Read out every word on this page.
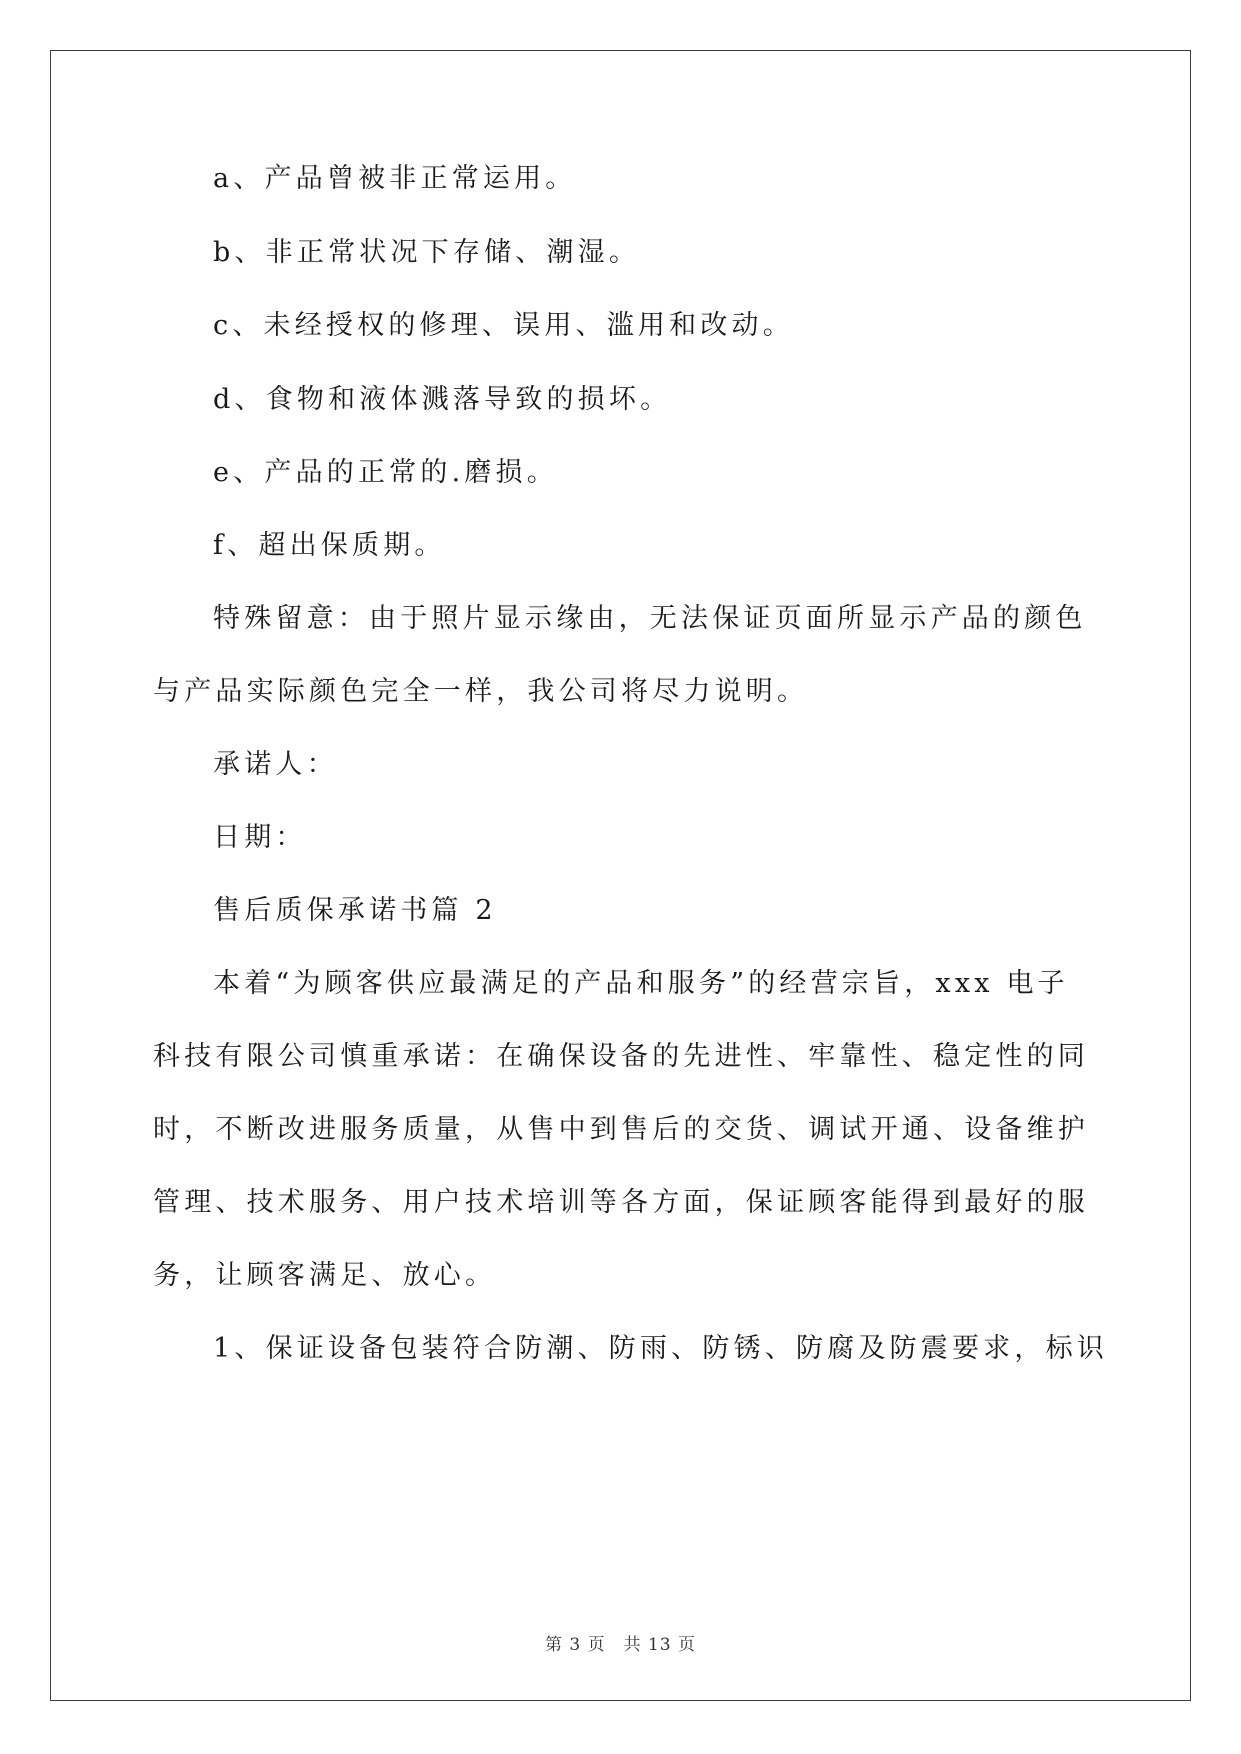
a、产品曾被非正常运用。
b、非正常状况下存储、潮湿。
c、未经授权的修理、误用、滥用和改动。
d、食物和液体溅落导致的损坏。
e、产品的正常的.磨损。
f、超出保质期。
特殊留意：由于照片显示缘由，无法保证页面所显示产品的颜色
与产品实际颜色完全一样，我公司将尽力说明。
承诺人：
日期：
售后质保承诺书篇 2
本着“为顾客供应最满足的产品和服务”的经营宗旨，xxx 电子
科技有限公司慎重承诺：在确保设备的先进性、牢靠性、稳定性的同
时，不断改进服务质量，从售中到售后的交货、调试开通、设备维护
管理、技术服务、用户技术培训等各方面，保证顾客能得到最好的服
务，让顾客满足、放心。
1、保证设备包装符合防潮、防雨、防锈、防腐及防震要求，标识
第 3 页 共 13 页
